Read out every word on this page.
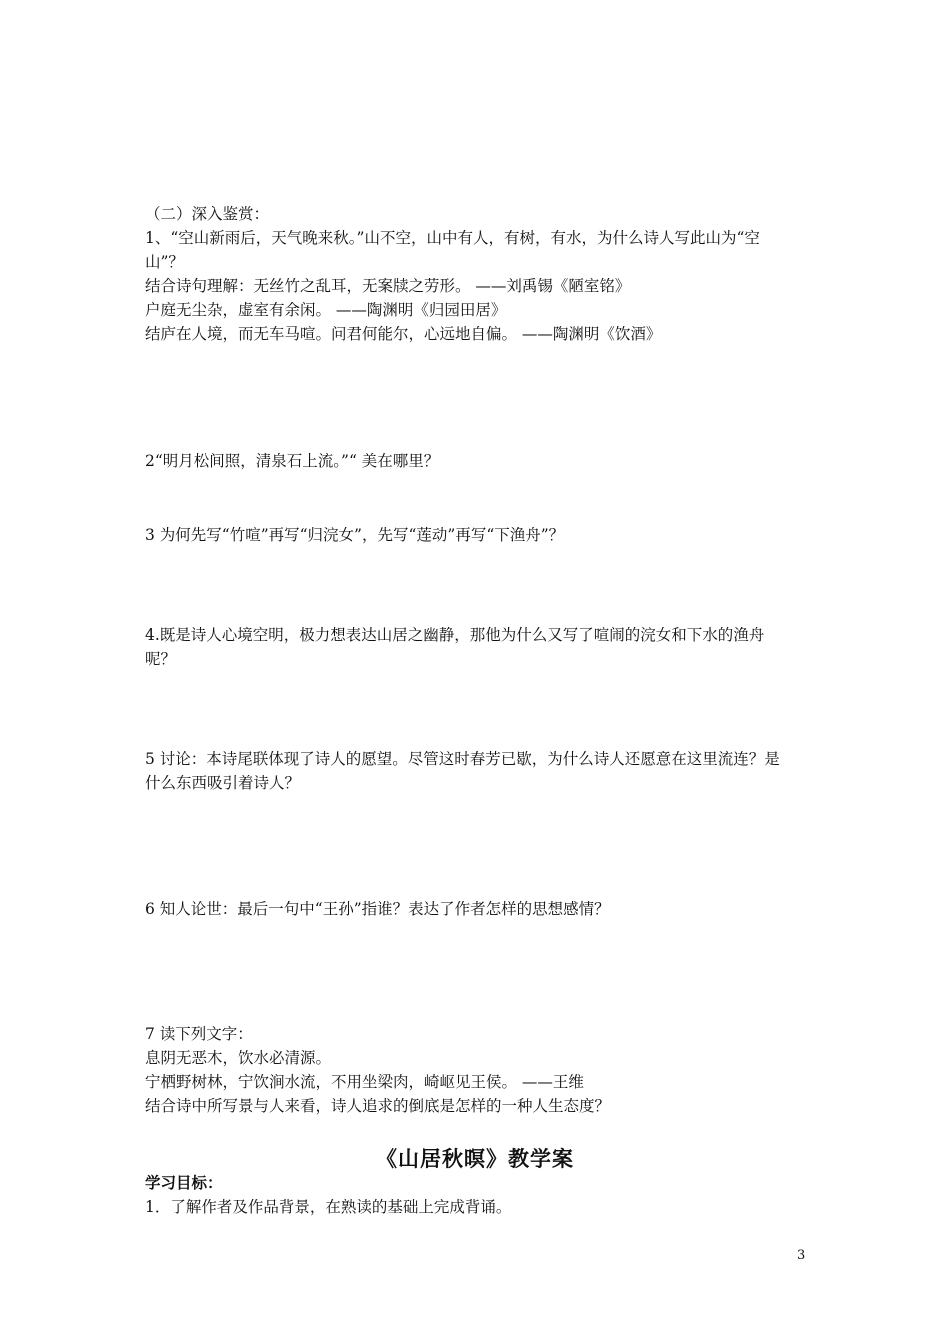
（二）深入鉴赏：
1、“空山新雨后，天气晚来秋。”山不空，山中有人，有树，有水，为什么诗人写此山为“空
山”？
结合诗句理解：无丝竹之乱耳，无案牍之劳形。 ——刘禹锡《陋室铭》
户庭无尘杂，虚室有余闲。 ——陶渊明《归园田居》
结庐在人境，而无车马喧。问君何能尔，心远地自偏。 ——陶渊明《饮酒》
2“明月松间照，清泉石上流。”“ 美在哪里？
3 为何先写“竹喧”再写“归浣女”，先写“莲动”再写“下渔舟”？
4.既是诗人心境空明，极力想表达山居之幽静，那他为什么又写了喧闹的浣女和下水的渔舟
呢？
5 讨论：本诗尾联体现了诗人的愿望。尽管这时春芳已歇，为什么诗人还愿意在这里流连？是
什么东西吸引着诗人？
6 知人论世：最后一句中“王孙”指谁？表达了作者怎样的思想感情？
7 读下列文字：
息阴无恶木，饮水必清源。
宁栖野树林，宁饮涧水流，不用坐梁肉，崎岖见王侯。 ——王维
结合诗中所写景与人来看，诗人追求的倒底是怎样的一种人生态度？
《山居秋暝》教学案
学习目标：
1．了解作者及作品背景，在熟读的基础上完成背诵。
3
